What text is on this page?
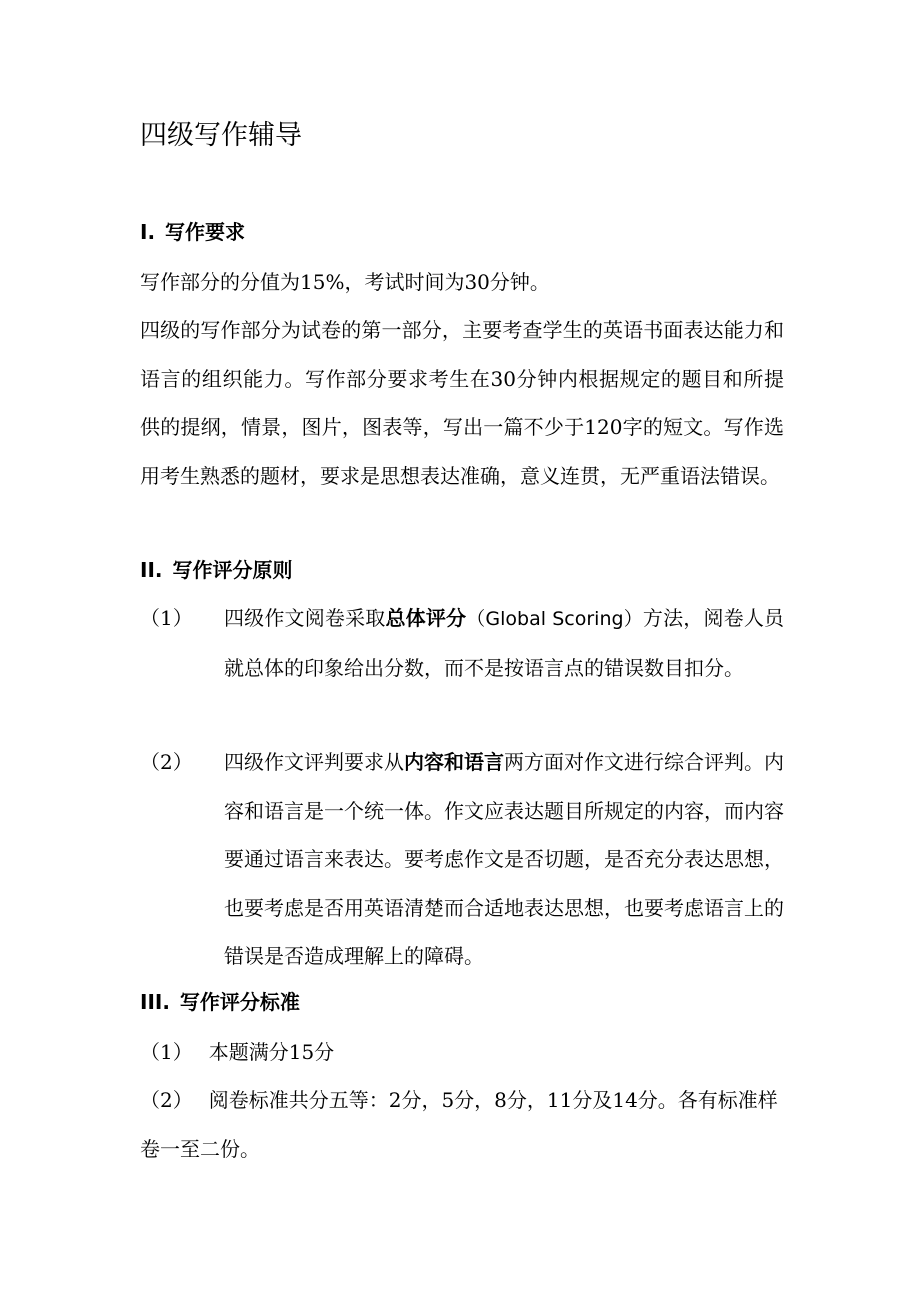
四级写作辅导
I. 写作要求

写作部分的分值为15%，考试时间为30分钟。

四级的写作部分为试卷的第一部分，主要考查学生的英语书面表达能力和语言的组织能力。写作部分要求考生在30分钟内根据规定的题目和所提供的提纲，情景，图片，图表等，写出一篇不少于120字的短文。写作选用考生熟悉的题材，要求是思想表达准确，意义连贯，无严重语法错误。

II. 写作评分原则
（1）	四级作文阅卷采取总体评分（Global Scoring）方法，阅卷人员就总体的印象给出分数，而不是按语言点的错误数目扣分。
（2）	四级作文评判要求从内容和语言两方面对作文进行综合评判。内容和语言是一个统一体。作文应表达题目所规定的内容，而内容要通过语言来表达。要考虑作文是否切题，是否充分表达思想，也要考虑是否用英语清楚而合适地表达思想，也要考虑语言上的错误是否造成理解上的障碍。
III. 写作评分标准

（1） 本题满分15分

（2） 阅卷标准共分五等：2分，5分，8分，11分及14分。各有标准样卷一至二份。
